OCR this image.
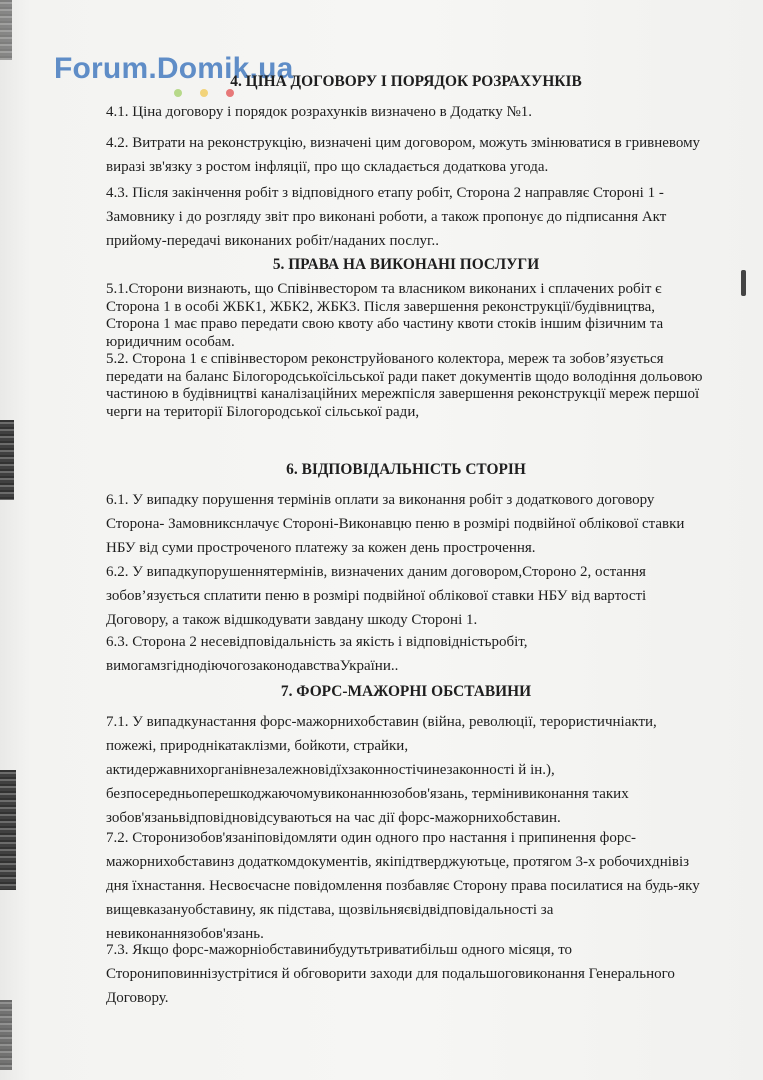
Forum.Domik.ua
4. ЦІНА ДОГОВОРУ І ПОРЯДОК РОЗРАХУНКІВ

4.1. Ціна договору і порядок розрахунків визначено в Додатку №1.

4.2. Витрати на реконструкцію, визначені цим договором, можуть змінюватися в гривневому виразі зв'язку з ростом інфляції, про що складається додаткова угода.

4.3. Після закінчення робіт з відповідного етапу робіт, Сторона 2 направляє Стороні 1 - Замовнику і до розгляду звіт про виконані роботи, а також пропонує до підписання Акт прийому-передачі виконаних робіт/наданих послуг..

5. ПРАВА НА ВИКОНАНІ ПОСЛУГИ

5.1.Сторони визнають, що Співінвестором та власником виконаних і сплачених робіт є Сторона 1 в особі ЖБК1, ЖБК2, ЖБК3. Після завершення реконструкції/будівництва, Сторона 1 має право передати свою квоту або частину квоти стоків іншим фізичним та юридичним особам.

5.2. Сторона 1 є співінвестором реконструйованого колектора, мереж та зобов’язується передати на баланс Білогородськоїсільської ради пакет документів щодо володіння дольовою частиною в будівництві каналізаційних мережпісля завершення реконструкції мереж першої черги на території Білогородської сільської ради,

6. ВІДПОВІДАЛЬНІСТЬ СТОРІН

6.1. У випадку порушення термінів оплати за виконання робіт з додаткового договору Сторона- Замовникснлачує Стороні-Виконавцю пеню в розмірі подвійної облікової ставки НБУ від суми простроченого платежу за кожен день прострочення.

6.2. У випадкупорушеннятермінів, визначених даним договором,Стороно 2, остання зобов’язується сплатити пеню в розмірі подвійної облікової ставки НБУ від вартості Договору, а також відшкодувати завдану шкоду Стороні 1.

6.3. Сторона 2 несевідповідальність за якість і відповідністьробіт, вимогамзгіднодіючогозаконодавстваУкраїни..

7. ФОРС-МАЖОРНІ ОБСТАВИНИ

7.1. У випадкунастання форс-мажорнихобставин (війна, революції, терористичніакти, пожежі, природнікатаклізми, бойкоти, страйки, актидержавнихорганівнезалежновідїхзаконностічинезаконності й ін.), безпосередньоперешкоджаючомувиконаннюзобов'язань, термінивиконання таких зобов'язаньвідповідновідсуваються на час дії форс-мажорнихобставин.

7.2. Сторонизобов'язаніповідомляти один одного про настання і припинення форс-мажорнихобставинз додаткомдокументів, якіпідтверджуютьце, протягом 3-х робочихднівіз дня їхнастання. Несвоєчасне повідомлення позбавляє Сторону права посилатися на будь-яку вищевказануобставину, як підстава, щозвільняєвідвідповідальності за невиконаннязобов'язань.

7.3. Якщо форс-мажорніобставинибудутьтриватибільш одного місяця, то Сторониповиннізустрітися й обговорити заходи для подальшоговиконання Генерального Договору.
